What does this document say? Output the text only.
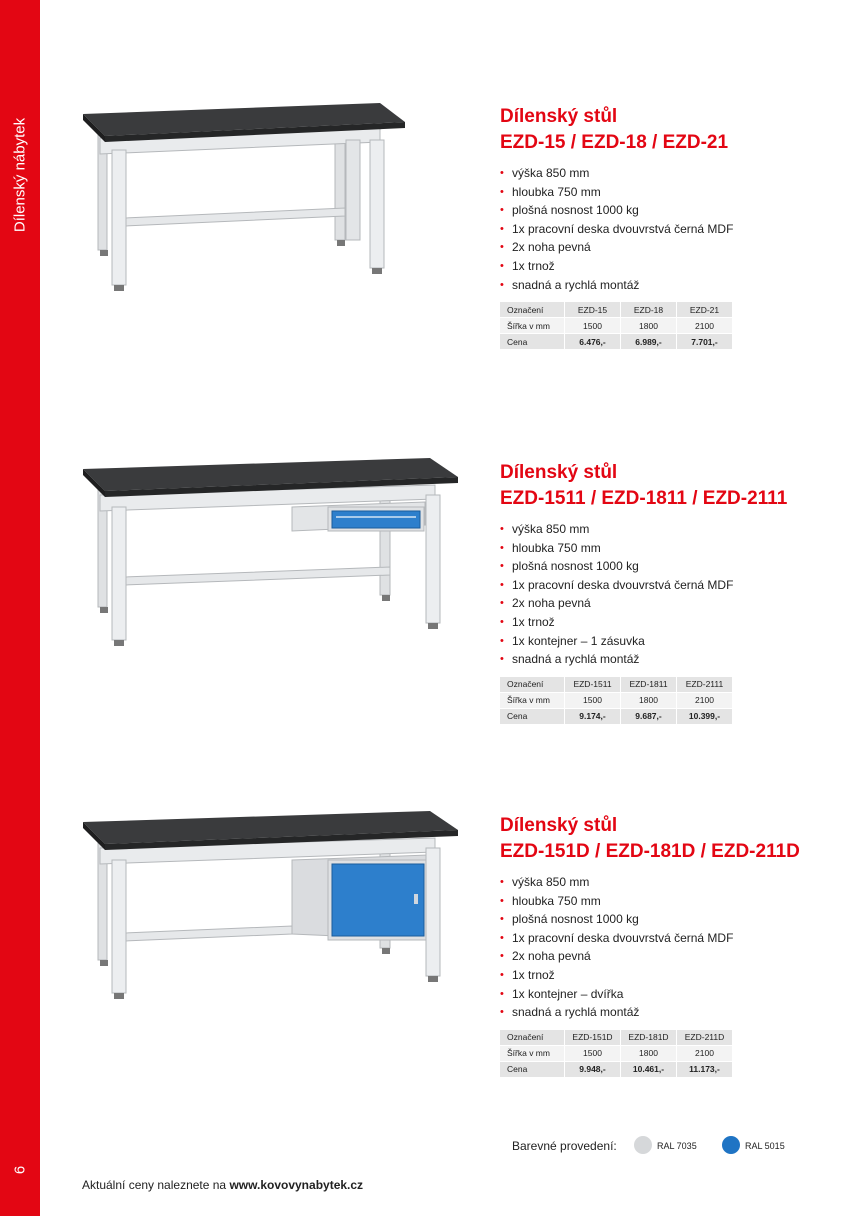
Dílenský nábytek
6
Dílenský stůl
EZD-15 / EZD-18 / EZD-21
• výška 850 mm
• hloubka 750 mm
• plošná nosnost 1000 kg
• 1x pracovní deska dvouvrstvá černá MDF
• 2x noha pevná
• 1x trnož
• snadná a rychlá montáž
Označení	EZD-15	EZD-18	EZD-21
Šířka v mm	1500	1800	2100
Cena	6.476,-	6.989,-	7.701,-
Dílenský stůl
EZD-1511 / EZD-1811 / EZD-2111
• výška 850 mm
• hloubka 750 mm
• plošná nosnost 1000 kg
• 1x pracovní deska dvouvrstvá černá MDF
• 2x noha pevná
• 1x trnož
• 1x kontejner – 1 zásuvka
• snadná a rychlá montáž
Označení	EZD-1511	EZD-1811	EZD-2111
Šířka v mm	1500	1800	2100
Cena	9.174,-	9.687,-	10.399,-
Dílenský stůl
EZD-151D / EZD-181D / EZD-211D
• výška 850 mm
• hloubka 750 mm
• plošná nosnost 1000 kg
• 1x pracovní deska dvouvrstvá černá MDF
• 2x noha pevná
• 1x trnož
• 1x kontejner – dvířka
• snadná a rychlá montáž
Označení	EZD-151D	EZD-181D	EZD-211D
Šířka v mm	1500	1800	2100
Cena	9.948,-	10.461,-	11.173,-
Barevné provedení:	RAL 7035	RAL 5015
Aktuální ceny naleznete na www.kovovynabytek.cz
